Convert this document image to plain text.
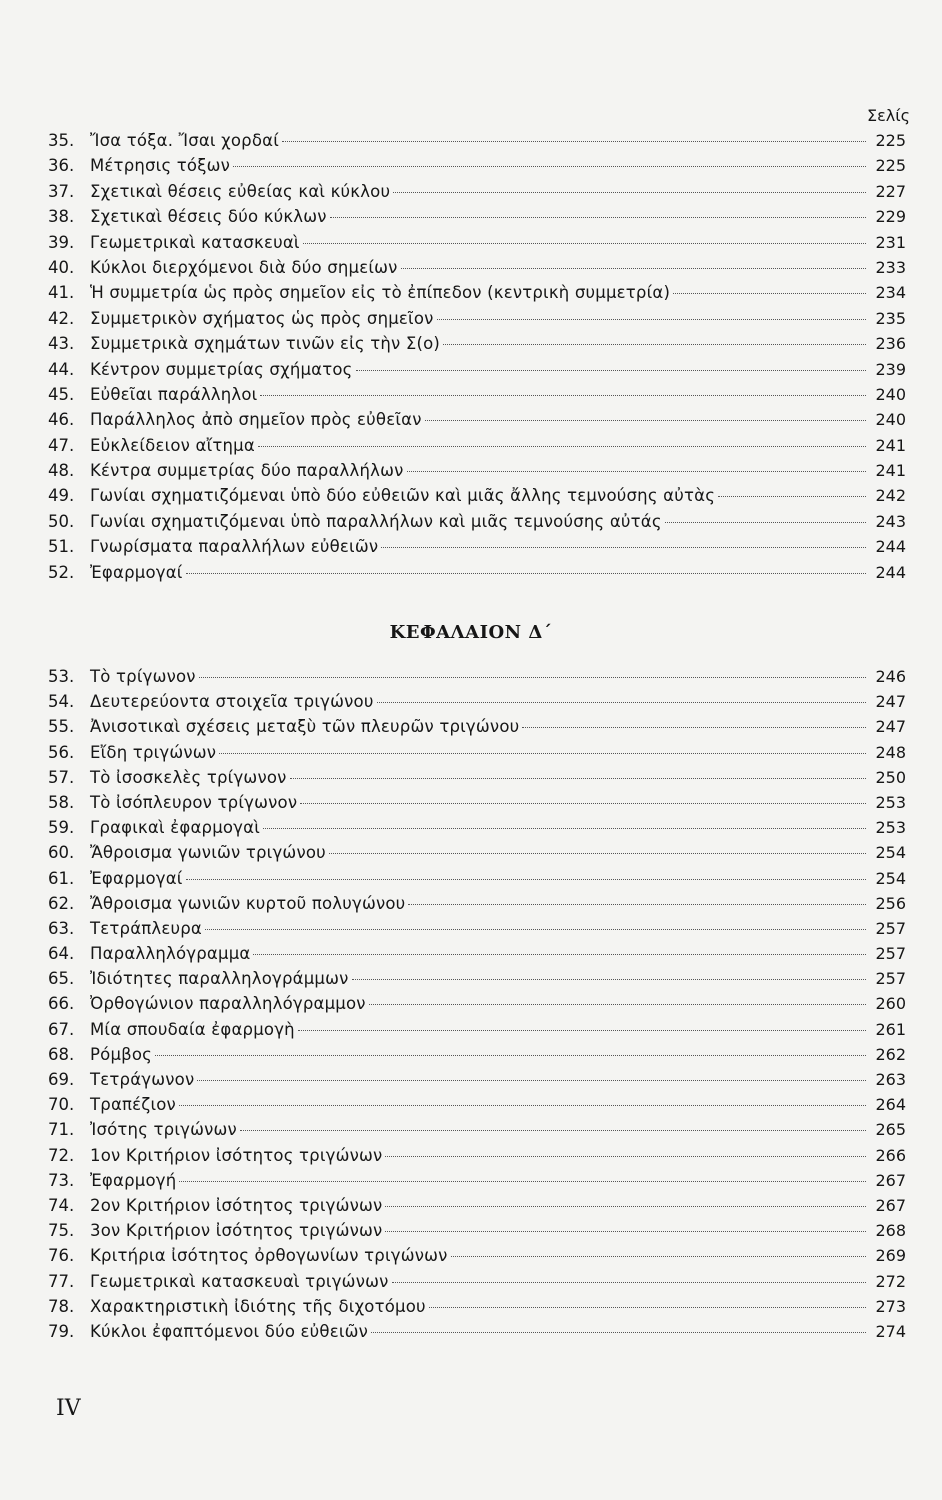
Σελίς
35. Ἴσα τόξα. Ἴσαι χορδαί	225
36. Μέτρησις τόξων	225
37. Σχετικαὶ θέσεις εὐθείας καὶ κύκλου	227
38. Σχετικαὶ θέσεις δύο κύκλων	229
39. Γεωμετρικαὶ κατασκευαὶ	231
40. Κύκλοι διερχόμενοι διὰ δύο σημείων	233
41. Ἡ συμμετρία ὡς πρὸς σημεῖον εἰς τὸ ἐπίπεδον (κεντρικὴ συμμετρία)	234
42. Συμμετρικὸν σχήματος ὡς πρὸς σημεῖον	235
43. Συμμετρικὰ σχημάτων τινῶν εἰς τὴν Σ(ο)	236
44. Κέντρον συμμετρίας σχήματος	239
45. Εὐθεῖαι παράλληλοι	240
46. Παράλληλος ἀπὸ σημεῖον πρὸς εὐθεῖαν	240
47. Εὐκλείδειον αἴτημα	241
48. Κέντρα συμμετρίας δύο παραλλήλων	241
49. Γωνίαι σχηματιζόμεναι ὑπὸ δύο εὐθειῶν καὶ μιᾶς ἄλλης τεμνούσης αὐτὰς	242
50. Γωνίαι σχηματιζόμεναι ὑπὸ παραλλήλων καὶ μιᾶς τεμνούσης αὐτάς	243
51. Γνωρίσματα παραλλήλων εὐθειῶν	244
52. Ἐφαρμογαί	244
ΚΕΦΑΛΑΙΟΝ Δ΄
53. Τὸ τρίγωνον	246
54. Δευτερεύοντα στοιχεῖα τριγώνου	247
55. Ἀνισοτικαὶ σχέσεις μεταξὺ τῶν πλευρῶν τριγώνου	247
56. Εἴδη τριγώνων	248
57. Τὸ ἰσοσκελὲς τρίγωνον	250
58. Τὸ ἰσόπλευρον τρίγωνον	253
59. Γραφικαὶ ἐφαρμογαὶ	253
60. Ἄθροισμα γωνιῶν τριγώνου	254
61. Ἐφαρμογαί	254
62. Ἄθροισμα γωνιῶν κυρτοῦ πολυγώνου	256
63. Τετράπλευρα	257
64. Παραλληλόγραμμα	257
65. Ἰδιότητες παραλληλογράμμων	257
66. Ὀρθογώνιον παραλληλόγραμμον	260
67. Μία σπουδαία ἐφαρμογὴ	261
68. Ρόμβος	262
69. Τετράγωνον	263
70. Τραπέζιον	264
71. Ἰσότης τριγώνων	265
72. 1ον Κριτήριον ἰσότητος τριγώνων	266
73. Ἐφαρμογή	267
74. 2ον Κριτήριον ἰσότητος τριγώνων	267
75. 3ον Κριτήριον ἰσότητος τριγώνων	268
76. Κριτήρια ἰσότητος ὀρθογωνίων τριγώνων	269
77. Γεωμετρικαὶ κατασκευαὶ τριγώνων	272
78. Χαρακτηριστικὴ ἰδιότης τῆς διχοτόμου	273
79. Κύκλοι ἐφαπτόμενοι δύο εὐθειῶν	274
IV
